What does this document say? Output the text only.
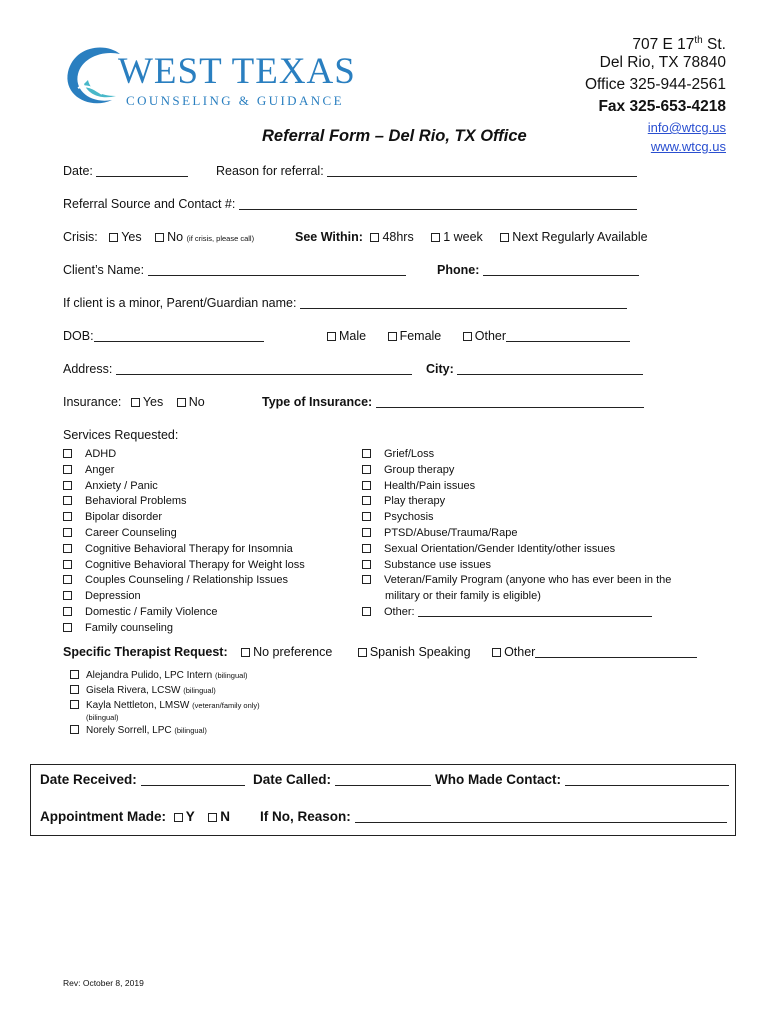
WEST TEXAS
COUNSELING & GUIDANCE
707 E 17th St.
Del Rio, TX 78840
Office 325-944-2561
Fax 325-653-4218
info@wtcg.us
www.wtcg.us
Referral Form – Del Rio, TX Office
Date:	Reason for referral:
Referral Source and Contact #:
Crisis: Yes No (if crisis, please call)	See Within: 48hrs 1 week Next Regularly Available
Client’s Name:	Phone:
If client is a minor, Parent/Guardian name:
DOB:	Male	Female	Other
Address:	City:
Insurance: Yes No	Type of Insurance:
Services Requested:
ADHD
Anger
Anxiety / Panic
Behavioral Problems
Bipolar disorder
Career Counseling
Cognitive Behavioral Therapy for Insomnia
Cognitive Behavioral Therapy for Weight loss
Couples Counseling / Relationship Issues
Depression
Domestic / Family Violence
Family counseling
Grief/Loss
Group therapy
Health/Pain issues
Play therapy
Psychosis
PTSD/Abuse/Trauma/Rape
Sexual Orientation/Gender Identity/other issues
Substance use issues
Veteran/Family Program (anyone who has ever been in the
military or their family is eligible)
Other:
Specific Therapist Request: No preference	Spanish Speaking	Other
Alejandra Pulido, LPC Intern (bilingual)
Gisela Rivera, LCSW (bilingual)
Kayla Nettleton, LMSW (veteran/family only)
(bilingual)
Norely Sorrell, LPC (bilingual)
Date Received:	Date Called:	Who Made Contact:
Appointment Made: Y N If No, Reason:
Rev: October 8, 2019
